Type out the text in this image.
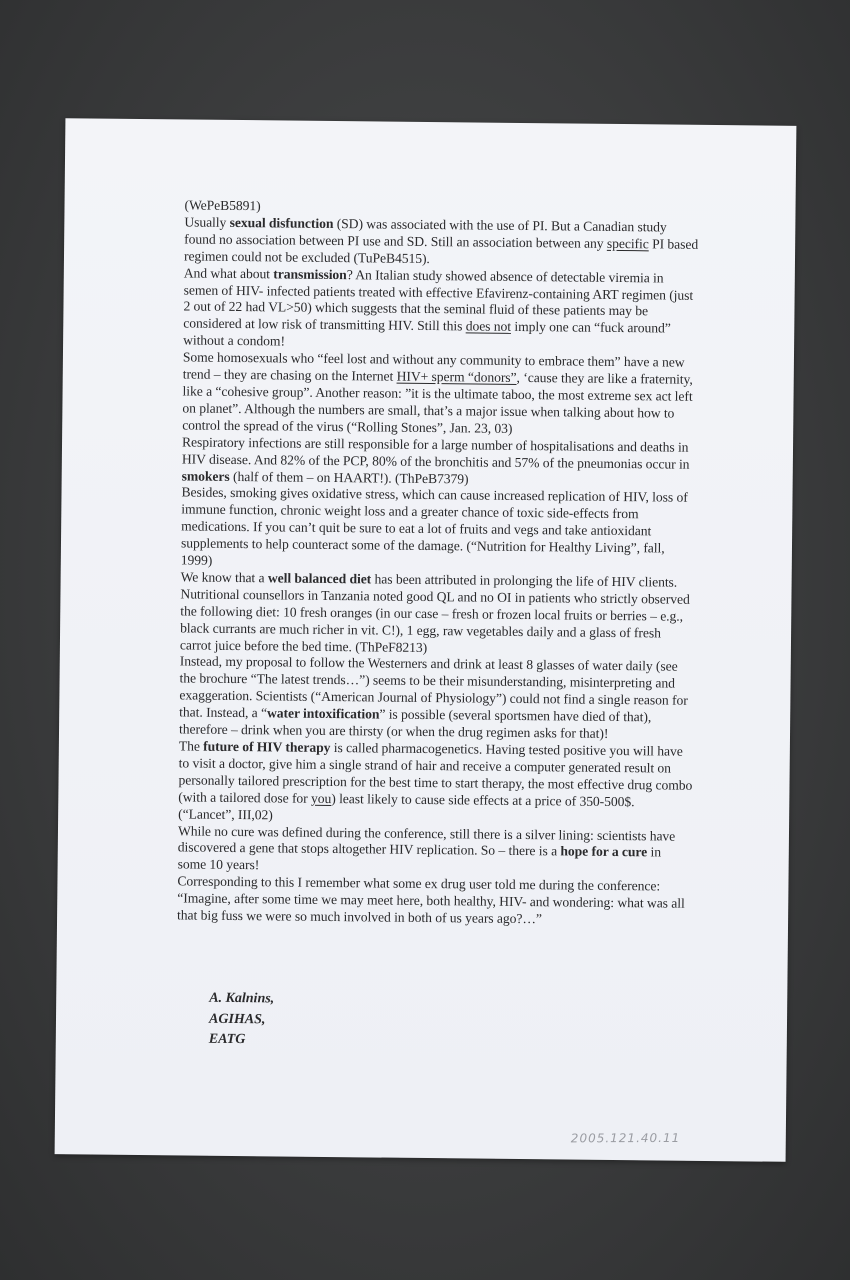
(WePeB5891)

Usually sexual disfunction (SD) was associated with the use of PI. But a Canadian study found no association between PI use and SD. Still an association between any specific PI based regimen could not be excluded (TuPeB4515).

And what about transmission? An Italian study showed absence of detectable viremia in semen of HIV- infected patients treated with effective Efavirenz-containing ART regimen (just 2 out of 22 had VL>50) which suggests that the seminal fluid of these patients may be considered at low risk of transmitting HIV. Still this does not imply one can “fuck around” without a condom!

Some homosexuals who “feel lost and without any community to embrace them” have a new trend – they are chasing on the Internet HIV+ sperm “donors”, ‘cause they are like a fraternity, like a “cohesive group”. Another reason: ”it is the ultimate taboo, the most extreme sex act left on planet”. Although the numbers are small, that’s a major issue when talking about how to control the spread of the virus (“Rolling Stones”, Jan. 23, 03)

Respiratory infections are still responsible for a large number of hospitalisations and deaths in HIV disease. And 82% of the PCP, 80% of the bronchitis and 57% of the pneumonias occur in smokers (half of them – on HAART!). (ThPeB7379)

Besides, smoking gives oxidative stress, which can cause increased replication of HIV, loss of immune function, chronic weight loss and a greater chance of toxic side-effects from medications. If you can’t quit be sure to eat a lot of fruits and vegs and take antioxidant supplements to help counteract some of the damage. (“Nutrition for Healthy Living”, fall, 1999)

We know that a well balanced diet has been attributed in prolonging the life of HIV clients. Nutritional counsellors in Tanzania noted good QL and no OI in patients who strictly observed the following diet: 10 fresh oranges (in our case – fresh or frozen local fruits or berries – e.g., black currants are much richer in vit. C!), 1 egg, raw vegetables daily and a glass of fresh carrot juice before the bed time. (ThPeF8213)

Instead, my proposal to follow the Westerners and drink at least 8 glasses of water daily (see the brochure “The latest trends…”) seems to be their misunderstanding, misinterpreting and exaggeration. Scientists (“American Journal of Physiology”) could not find a single reason for that. Instead, a “water intoxification” is possible (several sportsmen have died of that), therefore – drink when you are thirsty (or when the drug regimen asks for that)!

The future of HIV therapy is called pharmacogenetics. Having tested positive you will have to visit a doctor, give him a single strand of hair and receive a computer generated result on personally tailored prescription for the best time to start therapy, the most effective drug combo (with a tailored dose for you) least likely to cause side effects at a price of 350-500$. (“Lancet”, III,02)

While no cure was defined during the conference, still there is a silver lining: scientists have discovered a gene that stops altogether HIV replication. So – there is a hope for a cure in some 10 years!

Corresponding to this I remember what some ex drug user told me during the conference: “Imagine, after some time we may meet here, both healthy, HIV- and wondering: what was all that big fuss we were so much involved in both of us years ago?…”

A. Kalnins,
AGIHAS,
EATG
2005.121.40.11
